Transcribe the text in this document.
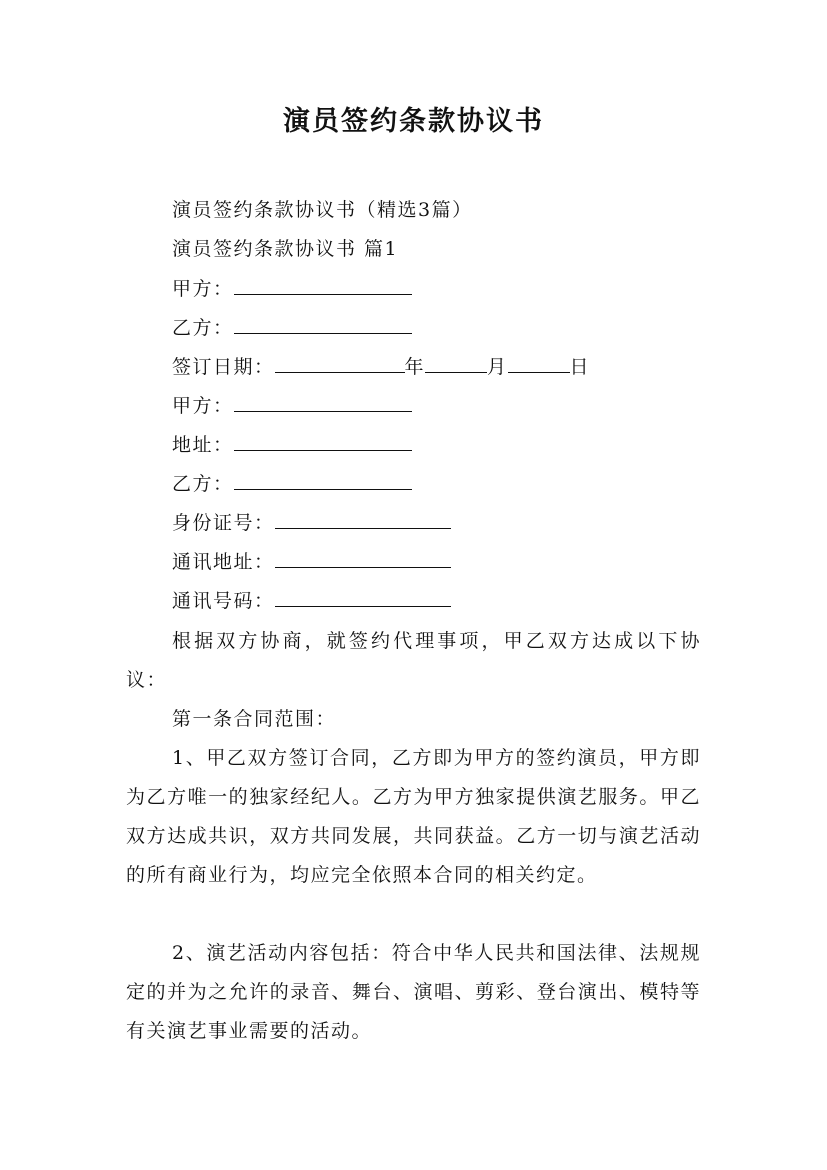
演员签约条款协议书
演员签约条款协议书（精选3篇）
演员签约条款协议书 篇1
甲方：
乙方：
签订日期：	年	月	日
甲方：
地址：
乙方：
身份证号：
通讯地址：
通讯号码：
根据双方协商，就签约代理事项，甲乙双方达成以下协议：
第一条合同范围：
1、甲乙双方签订合同，乙方即为甲方的签约演员，甲方即为乙方唯一的独家经纪人。乙方为甲方独家提供演艺服务。甲乙双方达成共识，双方共同发展，共同获益。乙方一切与演艺活动的所有商业行为，均应完全依照本合同的相关约定。
2、演艺活动内容包括：符合中华人民共和国法律、法规规定的并为之允许的录音、舞台、演唱、剪彩、登台演出、模特等有关演艺事业需要的活动。
